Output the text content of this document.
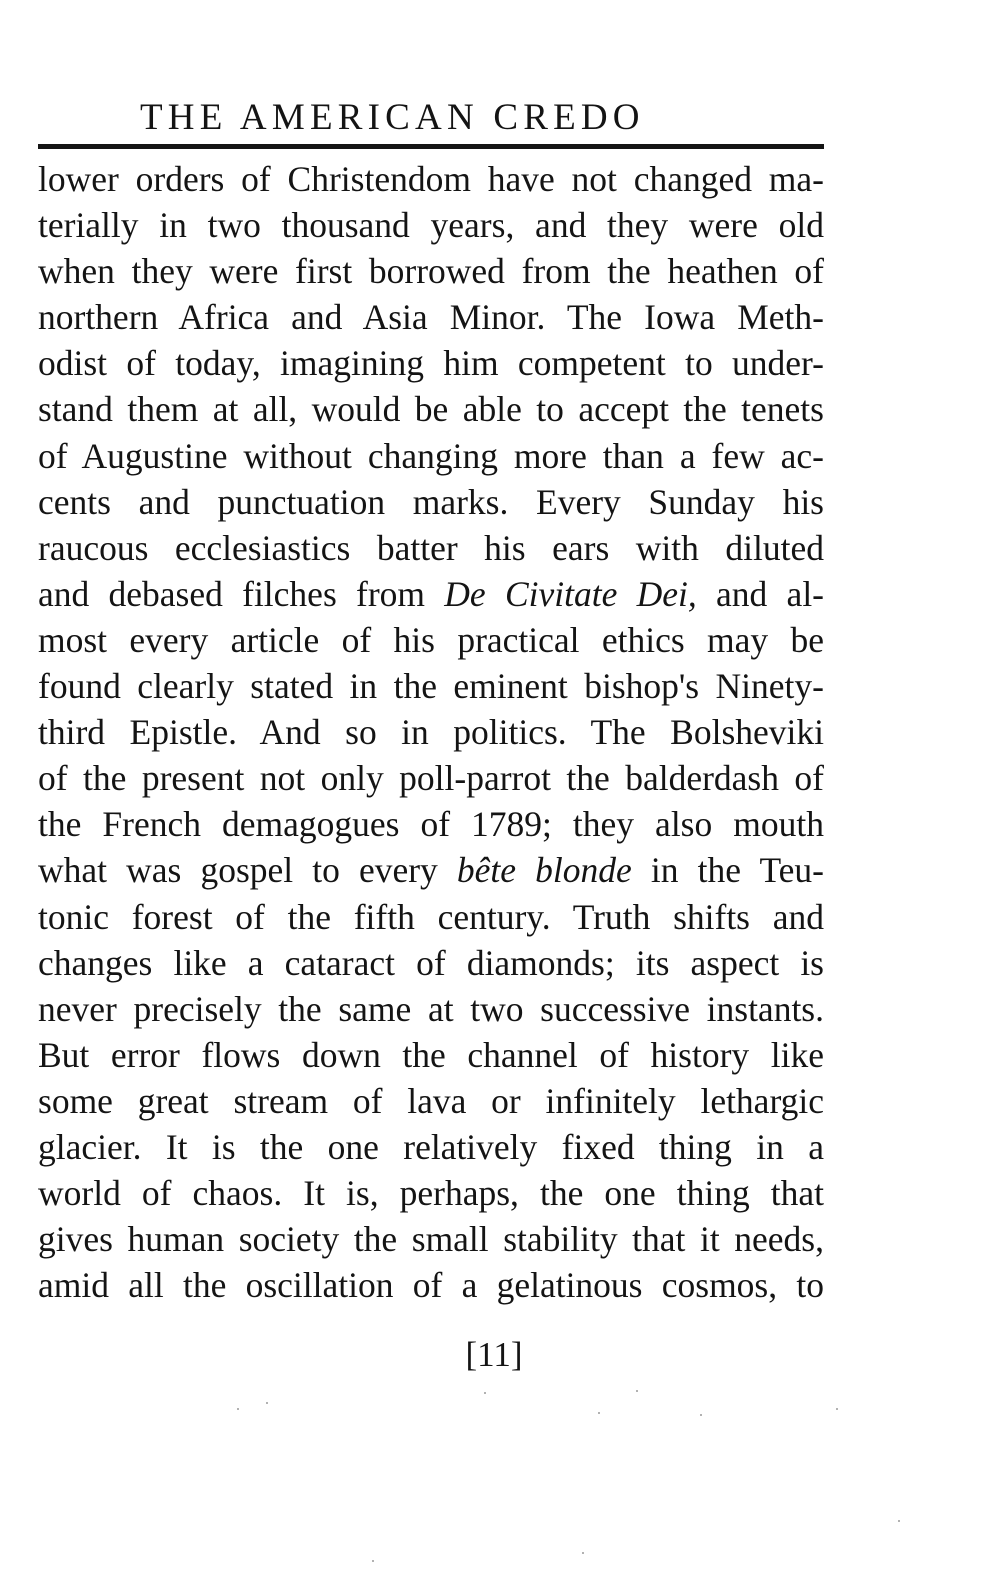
THE AMERICAN CREDO
lower orders of Christendom have not changed ma-
terially in two thousand years, and they were old
when they were first borrowed from the heathen of
northern Africa and Asia Minor. The Iowa Meth-
odist of today, imagining him competent to under-
stand them at all, would be able to accept the tenets
of Augustine without changing more than a few ac-
cents and punctuation marks. Every Sunday his
raucous ecclesiastics batter his ears with diluted
and debased filches from De Civitate Dei, and al-
most every article of his practical ethics may be
found clearly stated in the eminent bishop's Ninety-
third Epistle. And so in politics. The Bolsheviki
of the present not only poll-parrot the balderdash of
the French demagogues of 1789; they also mouth
what was gospel to every bête blonde in the Teu-
tonic forest of the fifth century. Truth shifts and
changes like a cataract of diamonds; its aspect is
never precisely the same at two successive instants.
But error flows down the channel of history like
some great stream of lava or infinitely lethargic
glacier. It is the one relatively fixed thing in a
world of chaos. It is, perhaps, the one thing that
gives human society the small stability that it needs,
amid all the oscillation of a gelatinous cosmos, to
[11]
